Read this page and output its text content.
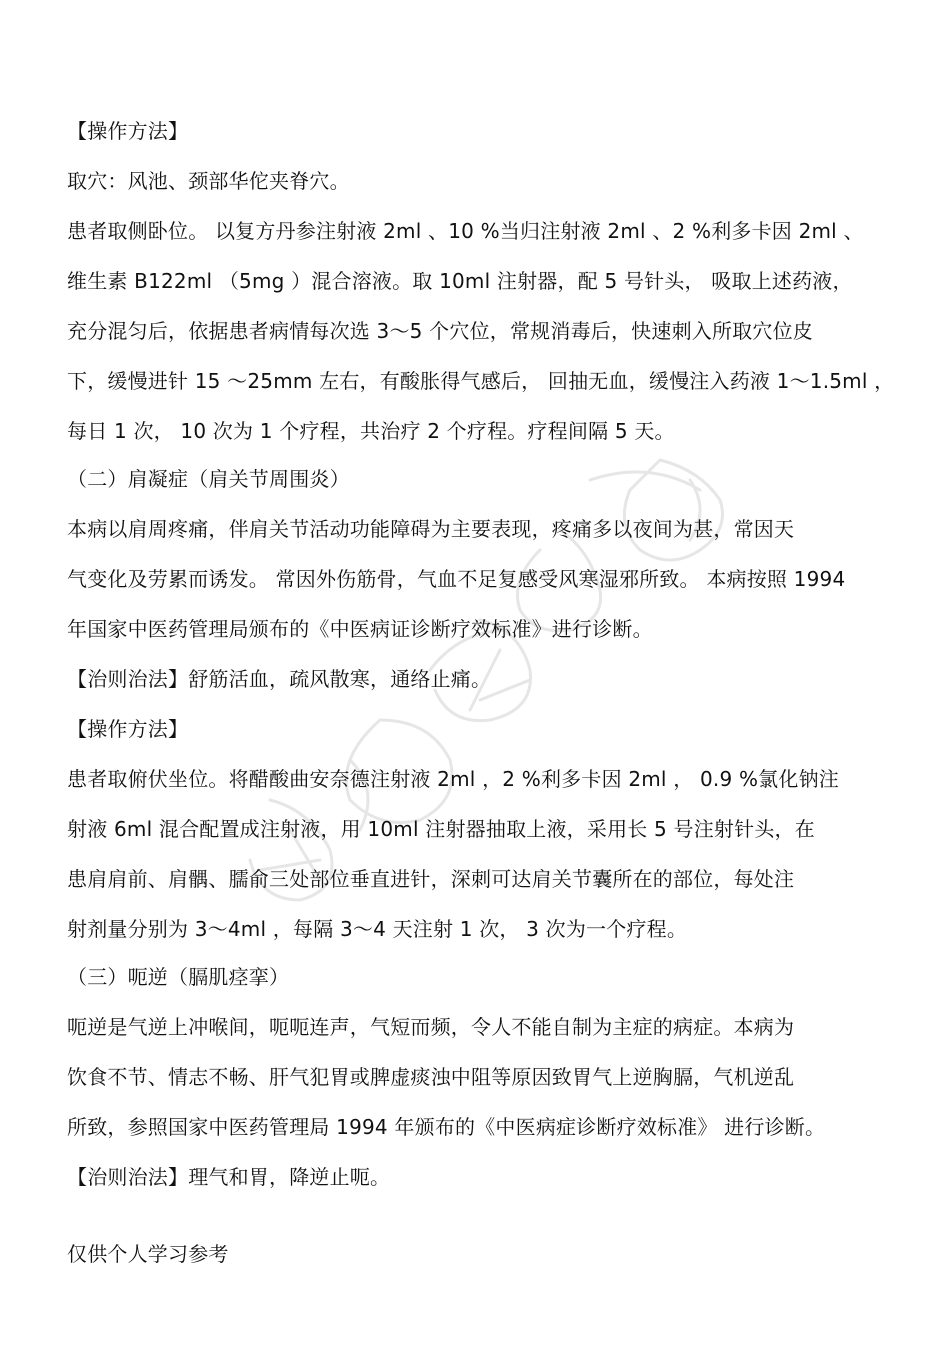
【操作方法】
取穴：风池、颈部华佗夹脊穴。
患者取侧卧位。 以复方丹参注射液 2ml 、10 %当归注射液 2ml 、2 %利多卡因 2ml 、
维生素 B122ml （5mg ）混合溶液。取 10ml 注射器，配 5 号针头， 吸取上述药液，
充分混匀后，依据患者病情每次选 3～5 个穴位，常规消毒后，快速刺入所取穴位皮
下，缓慢进针 15 ～25mm 左右，有酸胀得气感后， 回抽无血，缓慢注入药液 1～1.5ml ，
每日 1 次， 10 次为 1 个疗程，共治疗 2 个疗程。疗程间隔 5 天。
（二）肩凝症（肩关节周围炎）
本病以肩周疼痛，伴肩关节活动功能障碍为主要表现，疼痛多以夜间为甚，常因天
气变化及劳累而诱发。 常因外伤筋骨，气血不足复感受风寒湿邪所致。 本病按照 1994
年国家中医药管理局颁布的《中医病证诊断疗效标准》进行诊断。
【治则治法】舒筋活血，疏风散寒，通络止痛。
【操作方法】
患者取俯伏坐位。将醋酸曲安奈德注射液 2ml ，2 %利多卡因 2ml ， 0.9 %氯化钠注
射液 6ml 混合配置成注射液，用 10ml 注射器抽取上液，采用长 5 号注射针头，在
患肩肩前、肩髃、臑俞三处部位垂直进针，深刺可达肩关节囊所在的部位，每处注
射剂量分别为 3～4ml ，每隔 3～4 天注射 1 次， 3 次为一个疗程。
（三）呃逆（膈肌痉挛）
呃逆是气逆上冲喉间，呃呃连声，气短而频，令人不能自制为主症的病症。本病为
饮食不节、情志不畅、肝气犯胃或脾虚痰浊中阻等原因致胃气上逆胸膈，气机逆乱
所致，参照国家中医药管理局 1994 年颁布的《中医病症诊断疗效标准》 进行诊断。
【治则治法】理气和胃，降逆止呃。
仅供个人学习参考
